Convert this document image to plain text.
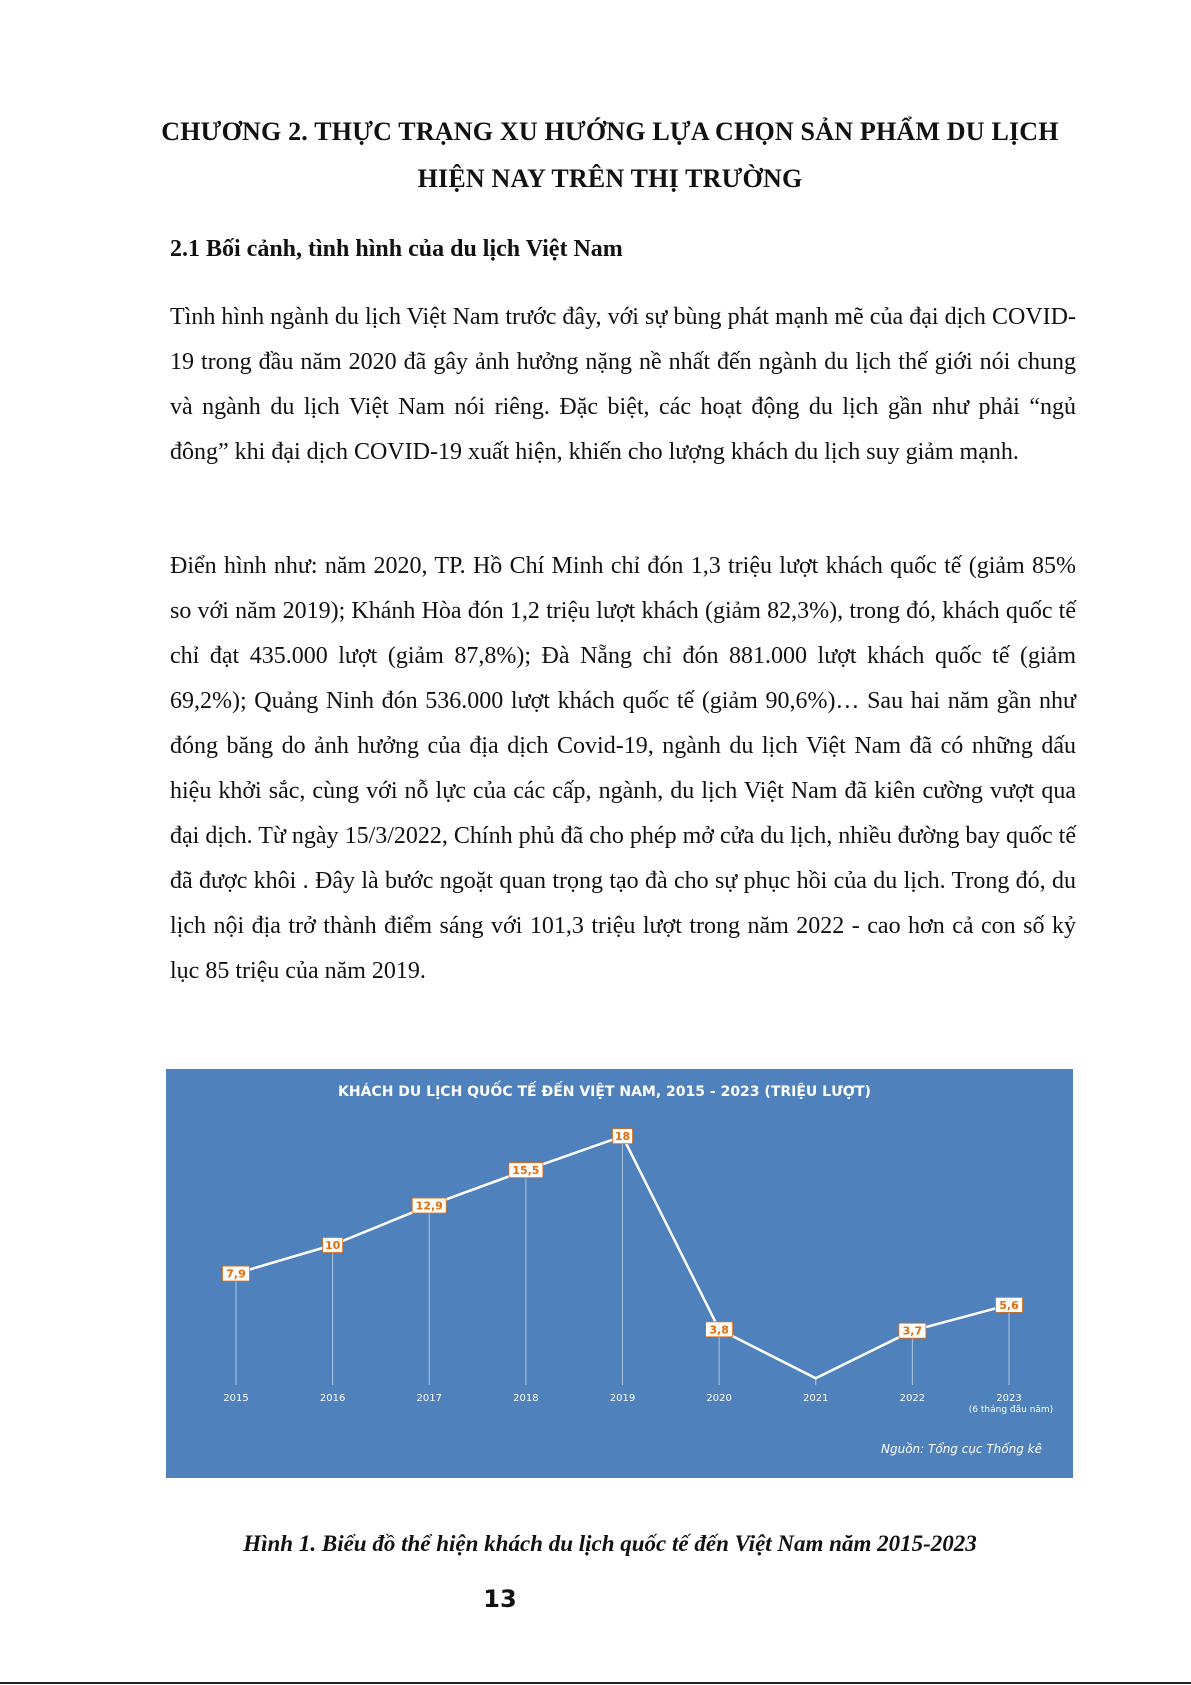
CHƯƠNG 2. THỰC TRẠNG XU HƯỚNG LỰA CHỌN SẢN PHẨM DU LỊCH HIỆN NAY TRÊN THỊ TRƯỜNG
2.1 Bối cảnh, tình hình của du lịch Việt Nam

Tình hình ngành du lịch Việt Nam trước đây, với sự bùng phát mạnh mẽ của đại dịch COVID-19 trong đầu năm 2020 đã gây ảnh hưởng nặng nề nhất đến ngành du lịch thế giới nói chung và ngành du lịch Việt Nam nói riêng. Đặc biệt, các hoạt động du lịch gần như phải “ngủ đông” khi đại dịch COVID-19 xuất hiện, khiến cho lượng khách du lịch suy giảm mạnh.

Điển hình như: năm 2020, TP. Hồ Chí Minh chỉ đón 1,3 triệu lượt khách quốc tế (giảm 85% so với năm 2019); Khánh Hòa đón 1,2 triệu lượt khách (giảm 82,3%), trong đó, khách quốc tế chỉ đạt 435.000 lượt (giảm 87,8%); Đà Nẵng chỉ đón 881.000 lượt khách quốc tế (giảm 69,2%); Quảng Ninh đón 536.000 lượt khách quốc tế (giảm 90,6%)… Sau hai năm gần như đóng băng do ảnh hưởng của địa dịch Covid-19, ngành du lịch Việt Nam đã có những dấu hiệu khởi sắc, cùng với nỗ lực của các cấp, ngành, du lịch Việt Nam đã kiên cường vượt qua đại dịch. Từ ngày 15/3/2022, Chính phủ đã cho phép mở cửa du lịch, nhiều đường bay quốc tế đã được khôi . Đây là bước ngoặt quan trọng tạo đà cho sự phục hồi của du lịch. Trong đó, du lịch nội địa trở thành điểm sáng với 101,3 triệu lượt trong năm 2022 - cao hơn cả con số kỷ lục 85 triệu của năm 2019.

KHÁCH DU LỊCH QUỐC TẾ ĐẾN VIỆT NAM, 2015 - 2023 (TRIỆU LƯỢT)
7,9
10
12,9
15,5
18
3,8	3,7
5,6
2015	2016	2017	2018	2019	2020	2021	2022	2023
(6 tháng đầu năm)
Nguồn: Tổng cục Thống kê

Hình 1. Biểu đồ thể hiện khách du lịch quốc tế đến Việt Nam năm 2015-2023

13
